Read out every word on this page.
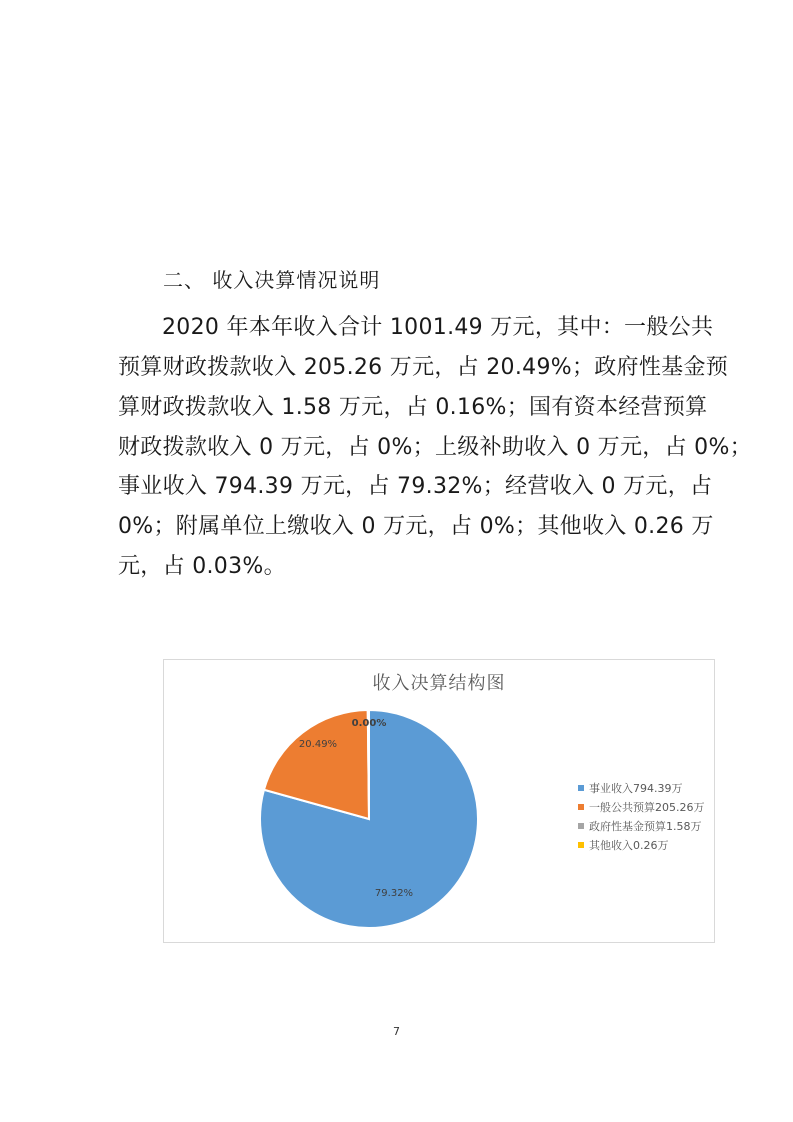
二、 收入决算情况说明
2020 年本年收入合计 1001.49 万元，其中：一般公共
预算财政拨款收入 205.26 万元，占 20.49%；政府性基金预
算财政拨款收入 1.58 万元，占 0.16%；国有资本经营预算
财政拨款收入 0 万元，占 0%；上级补助收入 0 万元，占 0%；
事业收入 794.39 万元，占 79.32%；经营收入 0 万元，占
0%；附属单位上缴收入 0 万元，占 0%；其他收入 0.26 万
元，占 0.03%。
收入决算结构图
79.32%
20.49%
0.00%
事业收入794.39万
一般公共预算205.26万
政府性基金预算1.58万
其他收入0.26万
7
